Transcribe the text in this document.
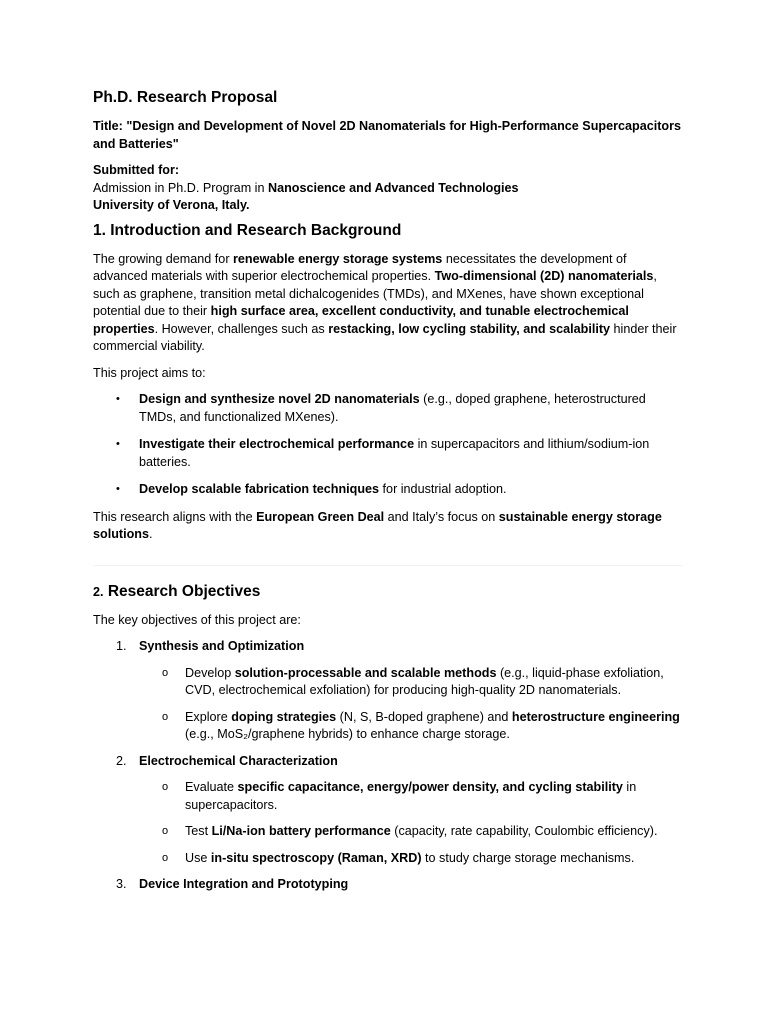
Ph.D. Research Proposal
Title: "Design and Development of Novel 2D Nanomaterials for High-Performance Supercapacitors and Batteries"
Submitted for:
Admission in Ph.D. Program in Nanoscience and Advanced Technologies
University of Verona, Italy.
1. Introduction and Research Background

The growing demand for renewable energy storage systems necessitates the development of advanced materials with superior electrochemical properties. Two-dimensional (2D) nanomaterials, such as graphene, transition metal dichalcogenides (TMDs), and MXenes, have shown exceptional potential due to their high surface area, excellent conductivity, and tunable electrochemical properties. However, challenges such as restacking, low cycling stability, and scalability hinder their commercial viability.

This project aims to:

• Design and synthesize novel 2D nanomaterials (e.g., doped graphene, heterostructured TMDs, and functionalized MXenes).
• Investigate their electrochemical performance in supercapacitors and lithium/sodium-ion batteries.
• Develop scalable fabrication techniques for industrial adoption.

This research aligns with the European Green Deal and Italy’s focus on sustainable energy storage solutions.

2. Research Objectives

The key objectives of this project are:

1. Synthesis and Optimization
o Develop solution-processable and scalable methods (e.g., liquid-phase exfoliation, CVD, electrochemical exfoliation) for producing high-quality 2D nanomaterials.
o Explore doping strategies (N, S, B-doped graphene) and heterostructure engineering (e.g., MoS₂/graphene hybrids) to enhance charge storage.
2. Electrochemical Characterization
o Evaluate specific capacitance, energy/power density, and cycling stability in supercapacitors.
o Test Li/Na-ion battery performance (capacity, rate capability, Coulombic efficiency).
o Use in-situ spectroscopy (Raman, XRD) to study charge storage mechanisms.
3. Device Integration and Prototyping
